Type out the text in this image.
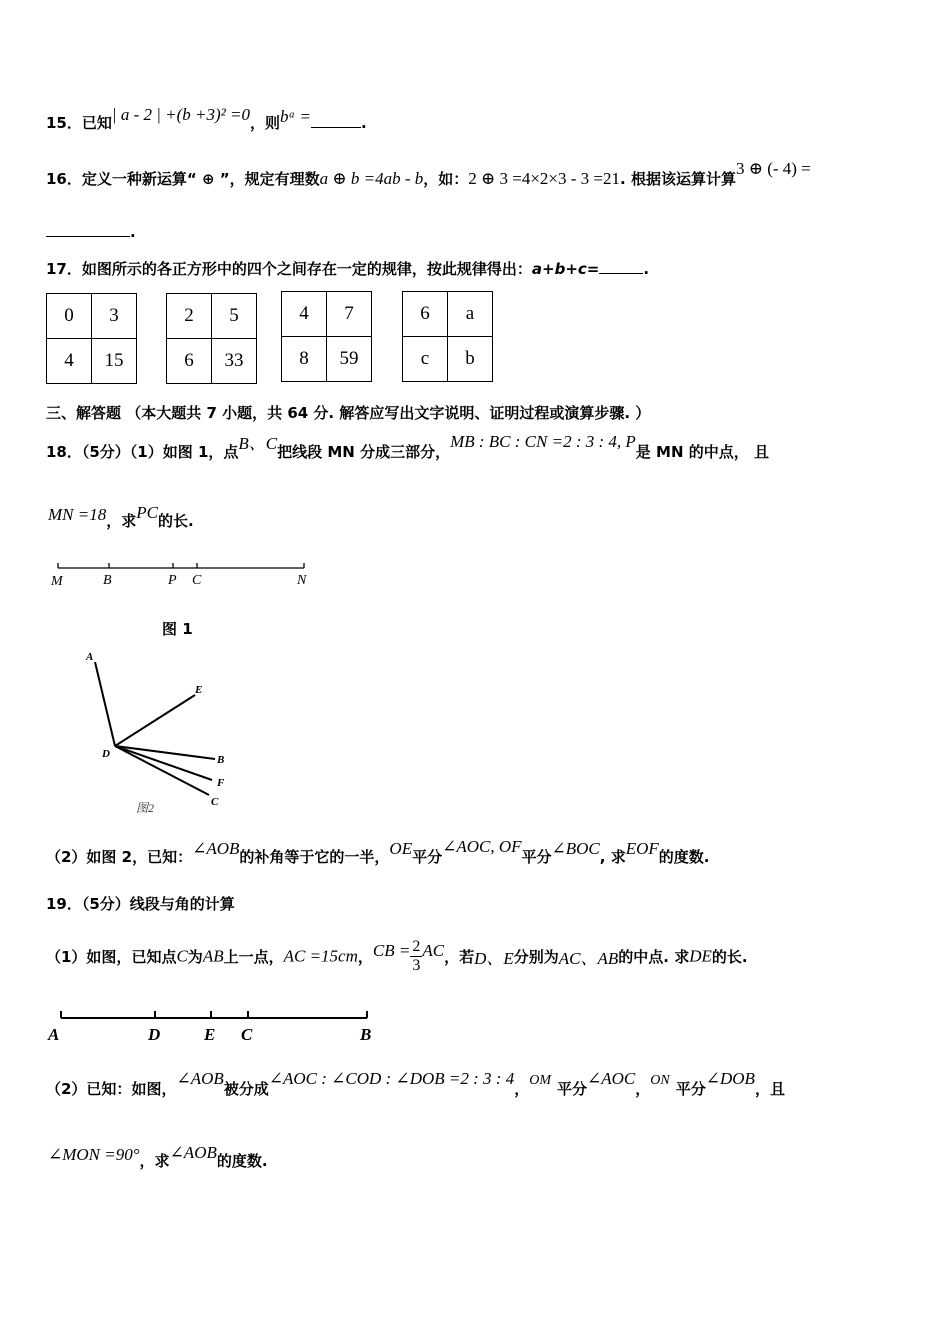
15．已知| a - 2 | +(b +3)² =0，则bᵃ =	.
16．定义一种新运算“ ⊕ ”，规定有理数a ⊕ b =4ab - b，如：2 ⊕ 3 =4×2×3 - 3 =21. 根据该运算计算3 ⊕ (- 4) =
.
17．如图所示的各正方形中的四个之间存在一定的规律，按此规律得出：a+b+c=	.
0	3
4	15
2	5
6	33
4	7
8	59
6	a
c	b
三、解答题 （本大题共 7 小题，共 64 分. 解答应写出文字说明、证明过程或演算步骤. ）
18．（5分）（1）如图 1，点B、C把线段 MN 分成三部分，MB : BC : CN =2 : 3 : 4, P是 MN 的中点， 且
MN =18，求PC的长.
M	B	P C	N
图 1
A
E
D	B
F
C
图2
（2）如图 2，已知：∠AOB的补角等于它的一半，OE平分∠AOC, OF平分∠BOC, 求EOF的度数.
19．（5分）线段与角的计算
（1）如图，已知点C为AB上一点，AC =15cm，CB = $\frac{2}{3}AC$，若D、E分别为AC、AB的中点. 求DE的长.
A	D	E C	B
（2）已知：如图，∠AOB被分成∠AOC : ∠COD : ∠DOB =2 : 3 : 4，OM 平分∠AOC，ON 平分∠DOB，且
∠MON =90°，求∠AOB的度数.
